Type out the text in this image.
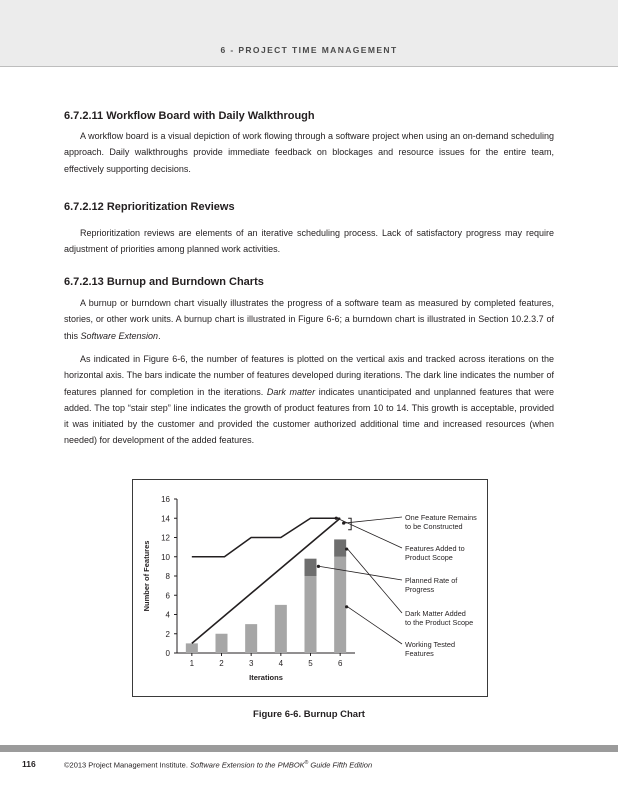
6 - PROJECT TIME MANAGEMENT
6.7.2.11 Workflow Board with Daily Walkthrough

A workflow board is a visual depiction of work flowing through a software project when using an on-demand scheduling approach. Daily walkthroughs provide immediate feedback on blockages and resource issues for the entire team, effectively supporting decisions.

6.7.2.12 Reprioritization Reviews

Reprioritization reviews are elements of an iterative scheduling process. Lack of satisfactory progress may require adjustment of priorities among planned work activities.

6.7.2.13 Burnup and Burndown Charts

A burnup or burndown chart visually illustrates the progress of a software team as measured by completed features, stories, or other work units. A burnup chart is illustrated in Figure 6-6; a burndown chart is illustrated in Section 10.2.3.7 of this Software Extension.

As indicated in Figure 6-6, the number of features is plotted on the vertical axis and tracked across iterations on the horizontal axis. The bars indicate the number of features developed during iterations. The dark line indicates the number of features planned for completion in the iterations. Dark matter indicates unanticipated and unplanned features that were added. The top “stair step” line indicates the growth of product features from 10 to 14. This growth is acceptable, provided it was initiated by the customer and provided the customer authorized additional time and increased resources (when needed) for development of the added features.

0
2
4
6
8
10
12
14
16
1	2	3	4	5	6
Iterations
Number of Features
One Feature Remains to be Constructed
Features Added to Product Scope
Planned Rate of Progress
Dark Matter Added to the Product Scope
Working Tested Features
Figure 6-6. Burnup Chart
116	©2013 Project Management Institute. Software Extension to the PMBOK® Guide Fifth Edition
